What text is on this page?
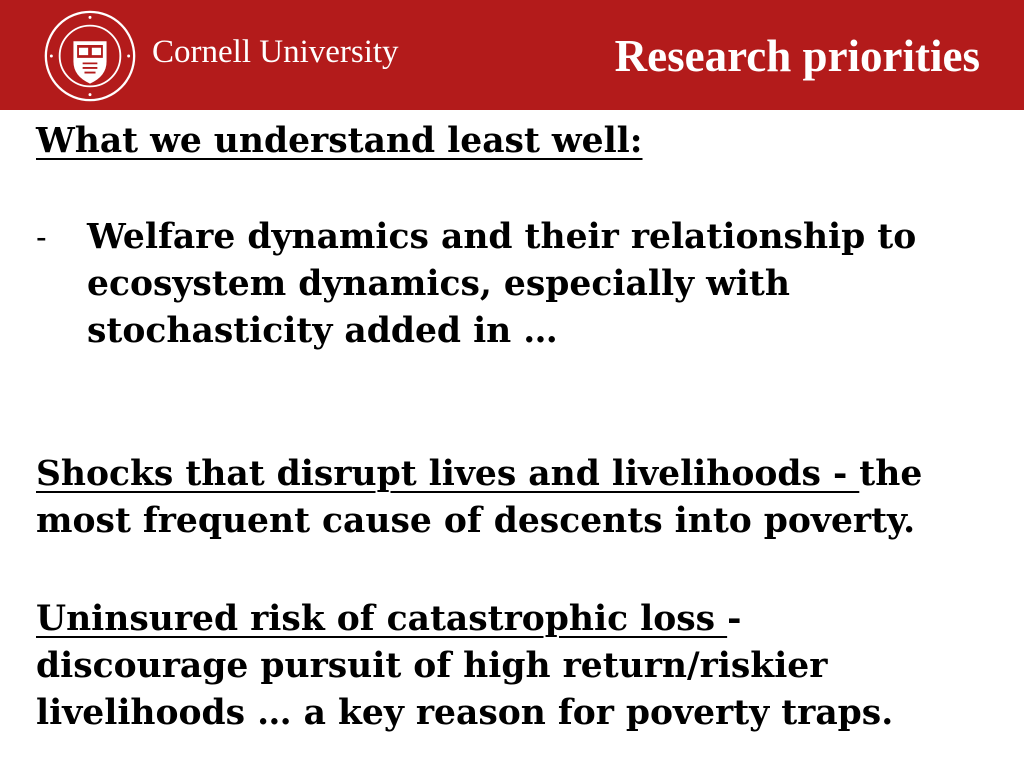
Cornell University	Research priorities
What we understand least well:
- Welfare dynamics and their relationship to
ecosystem dynamics, especially with
stochasticity added in …
Shocks that disrupt lives and livelihoods - the
most frequent cause of descents into poverty.
Uninsured risk of catastrophic loss -
discourage pursuit of high return/riskier
livelihoods … a key reason for poverty traps.
